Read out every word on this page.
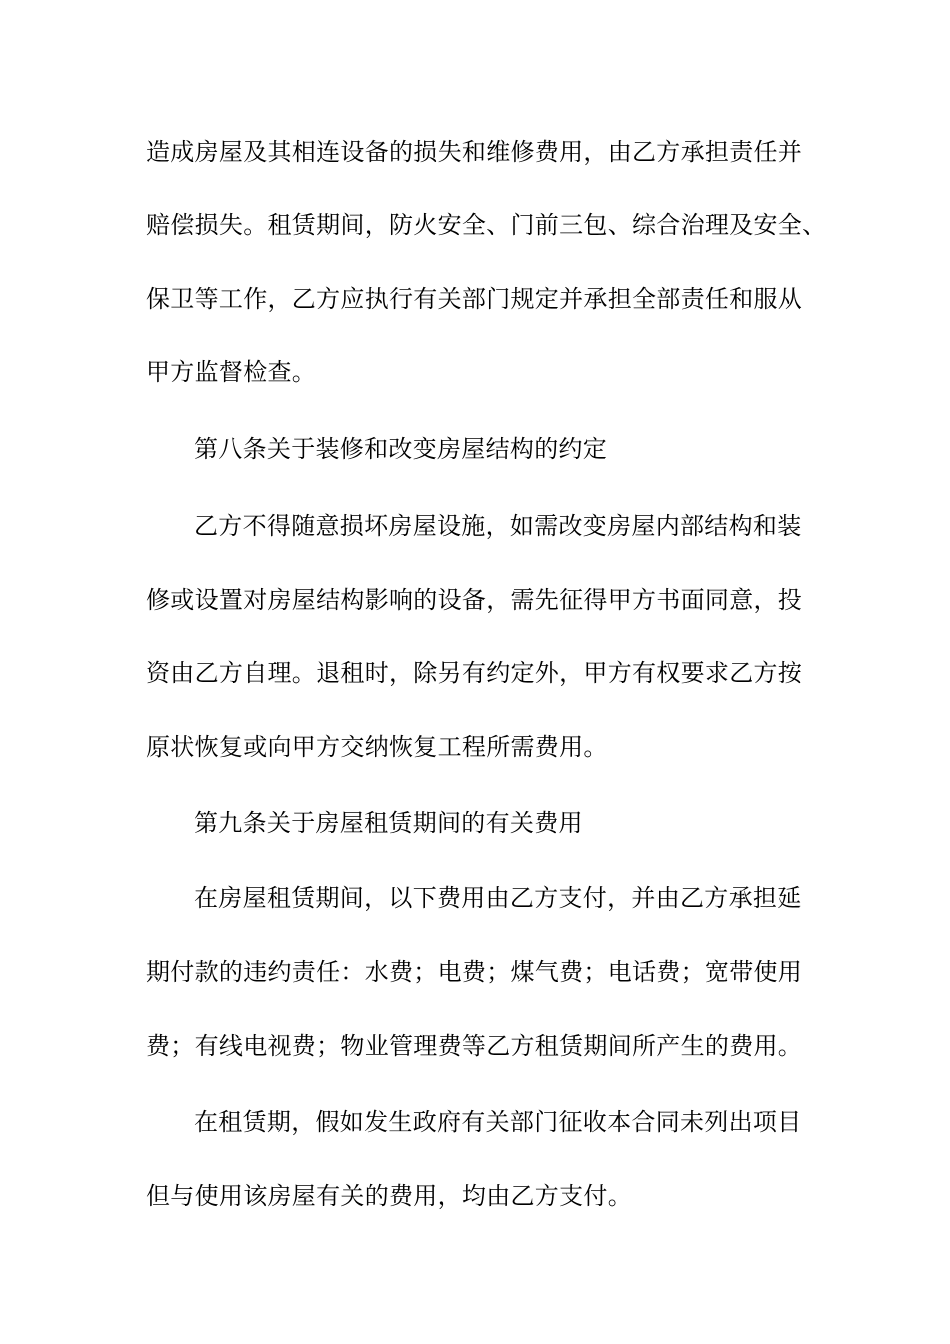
造成房屋及其相连设备的损失和维修费用，由乙方承担责任并
赔偿损失。租赁期间，防火安全、门前三包、综合治理及安全、
保卫等工作，乙方应执行有关部门规定并承担全部责任和服从
甲方监督检查。
第八条关于装修和改变房屋结构的约定
乙方不得随意损坏房屋设施，如需改变房屋内部结构和装
修或设置对房屋结构影响的设备，需先征得甲方书面同意，投
资由乙方自理。退租时，除另有约定外，甲方有权要求乙方按
原状恢复或向甲方交纳恢复工程所需费用。
第九条关于房屋租赁期间的有关费用
在房屋租赁期间，以下费用由乙方支付，并由乙方承担延
期付款的违约责任：水费；电费；煤气费；电话费；宽带使用
费；有线电视费；物业管理费等乙方租赁期间所产生的费用。
在租赁期，假如发生政府有关部门征收本合同未列出项目
但与使用该房屋有关的费用，均由乙方支付。
